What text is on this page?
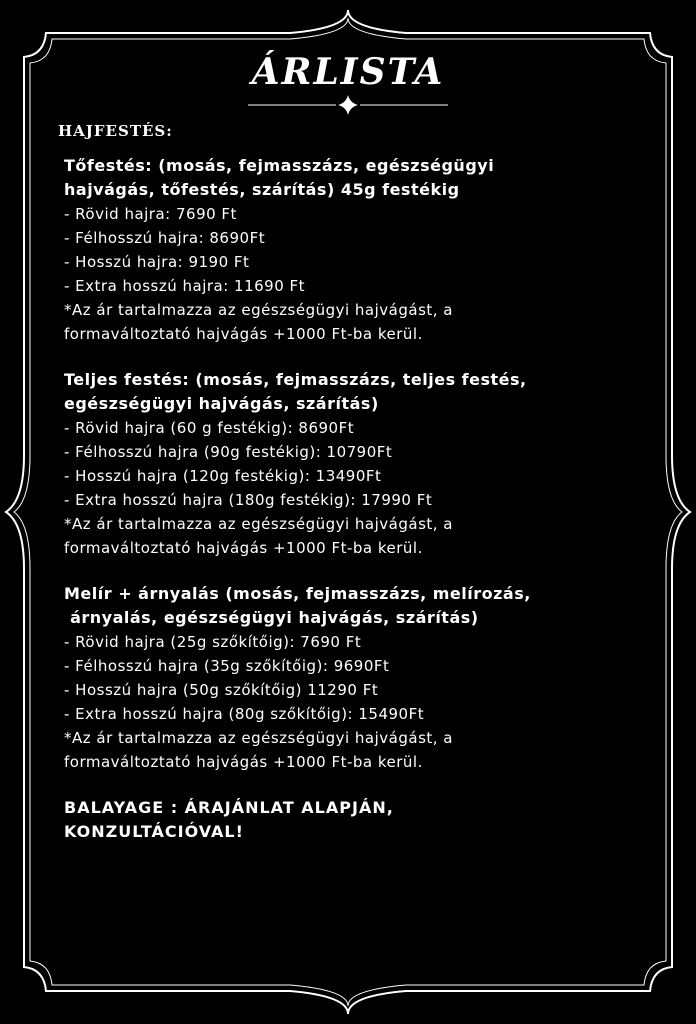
ÁRLISTA
HAJFESTÉS:
Tőfestés: (mosás, fejmasszázs, egészségügyi
hajvágás, tőfestés, szárítás) 45g festékig
- Rövid hajra: 7690 Ft
- Félhosszú hajra: 8690Ft
- Hosszú hajra: 9190 Ft
- Extra hosszú hajra: 11690 Ft
*Az ár tartalmazza az egészségügyi hajvágást, a
formaváltoztató hajvágás +1000 Ft-ba kerül.
Teljes festés: (mosás, fejmasszázs, teljes festés,
egészségügyi hajvágás, szárítás)
- Rövid hajra (60 g festékig): 8690Ft
- Félhosszú hajra (90g festékig): 10790Ft
- Hosszú hajra (120g festékig): 13490Ft
- Extra hosszú hajra (180g festékig): 17990 Ft
*Az ár tartalmazza az egészségügyi hajvágást, a
formaváltoztató hajvágás +1000 Ft-ba kerül.
Melír + árnyalás (mosás, fejmasszázs, melírozás,
árnyalás, egészségügyi hajvágás, szárítás)
- Rövid hajra (25g szőkítőig): 7690 Ft
- Félhosszú hajra (35g szőkítőig): 9690Ft
- Hosszú hajra (50g szőkítőig) 11290 Ft
- Extra hosszú hajra (80g szőkítőig): 15490Ft
*Az ár tartalmazza az egészségügyi hajvágást, a
formaváltoztató hajvágás +1000 Ft-ba kerül.
BALAYAGE : ÁRAJÁNLAT ALAPJÁN,
KONZULTÁCIÓVAL!
